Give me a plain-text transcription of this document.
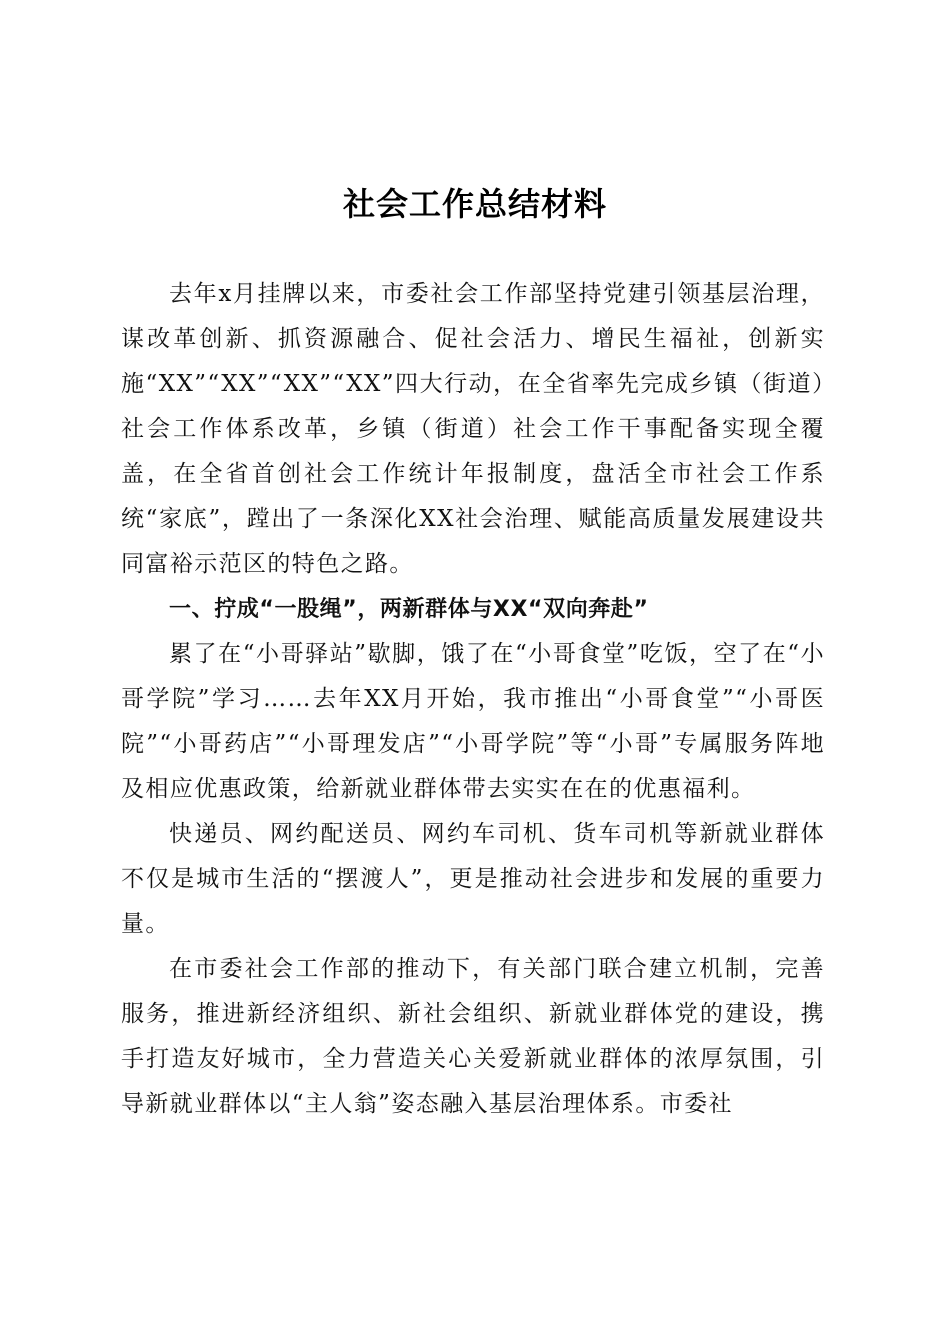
社会工作总结材料

去年x月挂牌以来，市委社会工作部坚持党建引领基层治理，谋改革创新、抓资源融合、促社会活力、增民生福祉，创新实施“XX”“XX”“XX”“XX”四大行动，在全省率先完成乡镇（街道）社会工作体系改革，乡镇（街道）社会工作干事配备实现全覆盖，在全省首创社会工作统计年报制度，盘活全市社会工作系统“家底”，蹚出了一条深化XX社会治理、赋能高质量发展建设共同富裕示范区的特色之路。

一、拧成“一股绳”，两新群体与XX“双向奔赴”

累了在“小哥驿站”歇脚，饿了在“小哥食堂”吃饭，空了在“小哥学院”学习……去年XX月开始，我市推出“小哥食堂”“小哥医院”“小哥药店”“小哥理发店”“小哥学院”等“小哥”专属服务阵地及相应优惠政策，给新就业群体带去实实在在的优惠福利。

快递员、网约配送员、网约车司机、货车司机等新就业群体不仅是城市生活的“摆渡人”，更是推动社会进步和发展的重要力量。

在市委社会工作部的推动下，有关部门联合建立机制，完善服务，推进新经济组织、新社会组织、新就业群体党的建设，携手打造友好城市，全力营造关心关爱新就业群体的浓厚氛围，引导新就业群体以“主人翁”姿态融入基层治理体系。市委社
